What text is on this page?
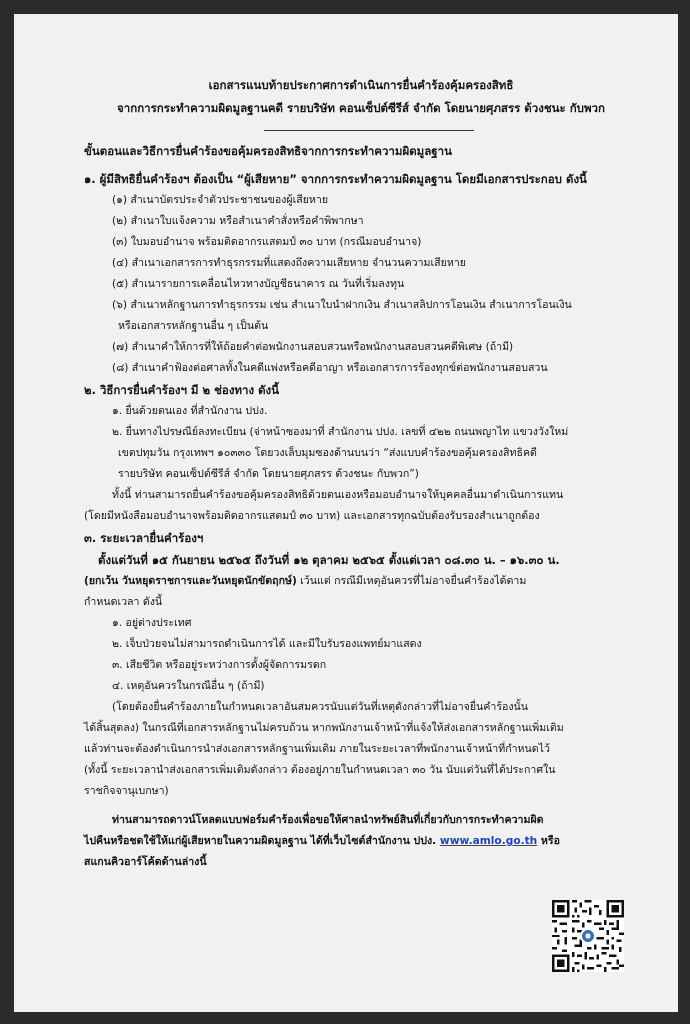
เอกสารแนบท้ายประกาศการดำเนินการยื่นคำร้องคุ้มครองสิทธิ
จากการกระทำความผิดมูลฐานคดี รายบริษัท คอนเซ็ปต์ซีรีส์ จำกัด โดยนายศุภสรร ด้วงชนะ กับพวก
ขั้นตอนและวิธีการยื่นคำร้องขอคุ้มครองสิทธิจากการกระทำความผิดมูลฐาน
๑. ผู้มีสิทธิยื่นคำร้องฯ ต้องเป็น “ผู้เสียหาย” จากการกระทำความผิดมูลฐาน โดยมีเอกสารประกอบ ดังนี้
(๑) สำเนาบัตรประจำตัวประชาชนของผู้เสียหาย
(๒) สำเนาใบแจ้งความ หรือสำเนาคำสั่งหรือคำพิพากษา
(๓) ใบมอบอำนาจ พร้อมติดอากรแสตมป์ ๓๐ บาท (กรณีมอบอำนาจ)
(๔) สำเนาเอกสารการทำธุรกรรมที่แสดงถึงความเสียหาย จำนวนความเสียหาย
(๕) สำเนารายการเคลื่อนไหวทางบัญชีธนาคาร ณ วันที่เริ่มลงทุน
(๖) สำเนาหลักฐานการทำธุรกรรม เช่น สำเนาใบนำฝากเงิน สำเนาสลิปการโอนเงิน สำเนาการโอนเงิน
หรือเอกสารหลักฐานอื่น ๆ เป็นต้น
(๗) สำเนาคำให้การที่ให้ถ้อยคำต่อพนักงานสอบสวนหรือพนักงานสอบสวนคดีพิเศษ (ถ้ามี)
(๘) สำเนาคำฟ้องต่อศาลทั้งในคดีแพ่งหรือคดีอาญา หรือเอกสารการร้องทุกข์ต่อพนักงานสอบสวน
๒. วิธีการยื่นคำร้องฯ มี ๒ ช่องทาง ดังนี้
๑. ยื่นด้วยตนเอง ที่สำนักงาน ปปง.
๒. ยื่นทางไปรษณีย์ลงทะเบียน (จ่าหน้าซองมาที่ สำนักงาน ปปง. เลขที่ ๔๒๒ ถนนพญาไท แขวงวังใหม่
เขตปทุมวัน กรุงเทพฯ ๑๐๓๓๐ โดยวงเล็บมุมซองด้านบนว่า “ส่งแบบคำร้องขอคุ้มครองสิทธิคดี
รายบริษัท คอนเซ็ปต์ซีรีส์ จำกัด โดยนายศุภสรร ด้วงชนะ กับพวก”)
ทั้งนี้ ท่านสามารถยื่นคำร้องขอคุ้มครองสิทธิด้วยตนเองหรือมอบอำนาจให้บุคคลอื่นมาดำเนินการแทน
(โดยมีหนังสือมอบอำนาจพร้อมติดอากรแสตมป์ ๓๐ บาท) และเอกสารทุกฉบับต้องรับรองสำเนาถูกต้อง
๓. ระยะเวลายื่นคำร้องฯ
ตั้งแต่วันที่ ๑๕ กันยายน ๒๕๖๕ ถึงวันที่ ๑๒ ตุลาคม ๒๕๖๕ ตั้งแต่เวลา ๐๘.๓๐ น. – ๑๖.๓๐ น.
(ยกเว้น วันหยุดราชการและวันหยุดนักขัตฤกษ์) เว้นแต่ กรณีมีเหตุอันควรที่ไม่อาจยื่นคำร้องได้ตาม
กำหนดเวลา ดังนี้
๑. อยู่ต่างประเทศ
๒. เจ็บป่วยจนไม่สามารถดำเนินการได้ และมีใบรับรองแพทย์มาแสดง
๓. เสียชีวิต หรืออยู่ระหว่างการตั้งผู้จัดการมรดก
๔. เหตุอันควรในกรณีอื่น ๆ (ถ้ามี)
(โดยต้องยื่นคำร้องภายในกำหนดเวลาอันสมควรนับแต่วันที่เหตุดังกล่าวที่ไม่อาจยื่นคำร้องนั้น
ได้สิ้นสุดลง) ในกรณีที่เอกสารหลักฐานไม่ครบถ้วน หากพนักงานเจ้าหน้าที่แจ้งให้ส่งเอกสารหลักฐานเพิ่มเติม
แล้วท่านจะต้องดำเนินการนำส่งเอกสารหลักฐานเพิ่มเติม ภายในระยะเวลาที่พนักงานเจ้าหน้าที่กำหนดไว้
(ทั้งนี้ ระยะเวลานำส่งเอกสารเพิ่มเติมดังกล่าว ต้องอยู่ภายในกำหนดเวลา ๓๐ วัน นับแต่วันที่ได้ประกาศใน
ราชกิจจานุเบกษา)
ท่านสามารถดาวน์โหลดแบบฟอร์มคำร้องเพื่อขอให้ศาลนำทรัพย์สินที่เกี่ยวกับการกระทำความผิด
ไปคืนหรือชดใช้ให้แก่ผู้เสียหายในความผิดมูลฐาน ได้ที่เว็บไซต์สำนักงาน ปปง. www.amlo.go.th หรือ
สแกนคิวอาร์โค้ดด้านล่างนี้
